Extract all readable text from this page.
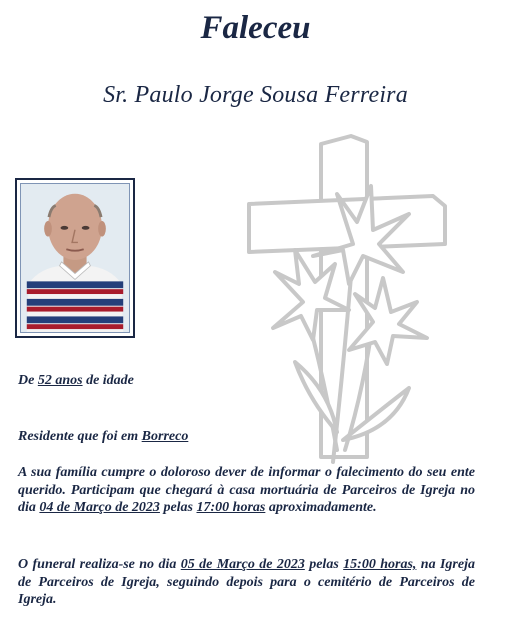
Faleceu
Sr. Paulo Jorge Sousa Ferreira
De 52 anos de idade
Residente que foi em Borreco
A sua família cumpre o doloroso dever de informar o falecimento do seu ente querido. Participam que chegará à casa mortuária de Parceiros de Igreja no dia 04 de Março de 2023 pelas 17:00 horas aproximadamente.
O funeral realiza-se no dia 05 de Março de 2023 pelas 15:00 horas, na Igreja de Parceiros de Igreja, seguindo depois para o cemitério de Parceiros de Igreja.
